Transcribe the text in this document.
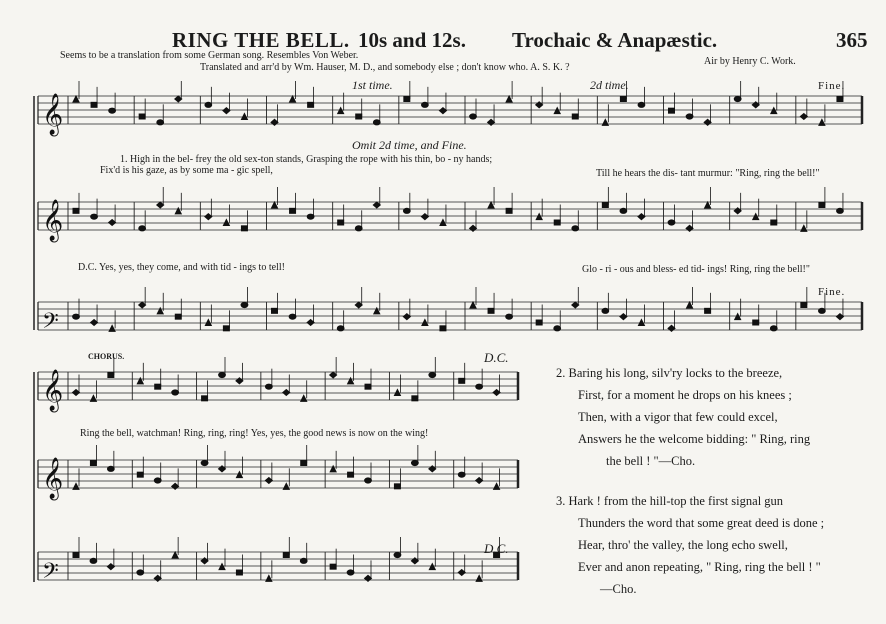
RING THE BELL. 10s and 12s. Trochaic & Anapæstic.	365
Seems to be a translation from some German song. Resembles Von Weber.
Translated and arr'd by Wm. Hauser, M. D., and somebody else ; don't know who. A. S. K. ?
Air by Henry C. Work.
𝄞
𝄞
𝄢
𝄞
𝄞
𝄢
1st time.	2d time.	Fine.
Omit 2d time, and Fine.
1. High in the bel- frey the old sex-ton stands, Grasping the rope with his thin, bo - ny hands;
Fix'd is his gaze, as by some ma - gic spell,	Till he hears the dis- tant murmur: "Ring, ring the bell!"
D.C. Yes, yes, they come, and with tid - ings to tell!	Glo - ri - ous and bless- ed tid- ings! Ring, ring the bell!"
Fine.
CHORUS.	D.C.
Ring the bell, watchman! Ring, ring, ring! Yes, yes, the good news is now on the wing!
D.C.
2. Baring his long, silv'ry locks to the breeze,
First, for a moment he drops on his knees ;
Then, with a vigor that few could excel,
Answers he the welcome bidding: " Ring, ring
the bell ! "—Cho.
3. Hark ! from the hill-top the first signal gun
Thunders the word that some great deed is done ;
Hear, thro' the valley, the long echo swell,
Ever and anon repeating, " Ring, ring the bell ! "
—Cho.
